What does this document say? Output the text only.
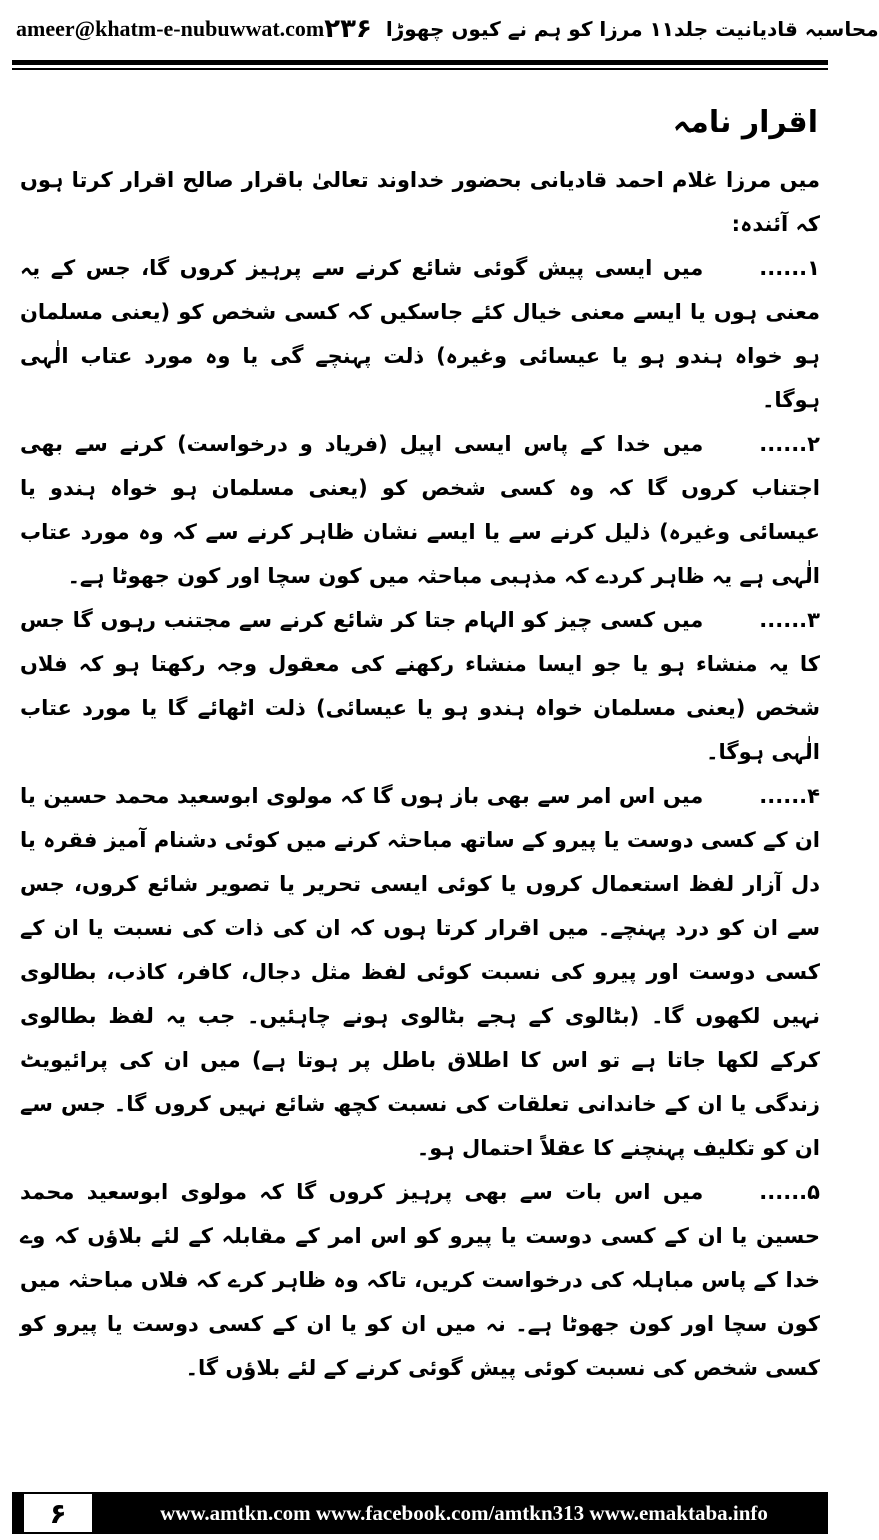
ameer@khatm-e-nubuwwat.com	محاسبہ قادیانیت جلد۱۱ مرزا کو ہم نے کیوں چھوڑا
۲۳۶
اقرار نامہ

میں مرزا غلام احمد قادیانی بحضور خداوند تعالیٰ باقرار صالح اقرار کرتا ہوں کہ آئندہ:

۱......میں ایسی پیش گوئی شائع کرنے سے پرہیز کروں گا، جس کے یہ معنی ہوں یا ایسے معنی خیال کئے جاسکیں کہ کسی شخص کو (یعنی مسلمان ہو خواہ ہندو ہو یا عیسائی وغیرہ) ذلت پہنچے گی یا وہ مورد عتاب الٰہی ہوگا۔

۲......میں خدا کے پاس ایسی اپیل (فریاد و درخواست) کرنے سے بھی اجتناب کروں گا کہ وہ کسی شخص کو (یعنی مسلمان ہو خواہ ہندو یا عیسائی وغیرہ) ذلیل کرنے سے یا ایسے نشان ظاہر کرنے سے کہ وہ مورد عتاب الٰہی ہے یہ ظاہر کردے کہ مذہبی مباحثہ میں کون سچا اور کون جھوٹا ہے۔

۳......میں کسی چیز کو الہام جتا کر شائع کرنے سے مجتنب رہوں گا جس کا یہ منشاء ہو یا جو ایسا منشاء رکھنے کی معقول وجہ رکھتا ہو کہ فلاں شخص (یعنی مسلمان خواہ ہندو ہو یا عیسائی) ذلت اٹھائے گا یا مورد عتاب الٰہی ہوگا۔

۴......میں اس امر سے بھی باز ہوں گا کہ مولوی ابوسعید محمد حسین یا ان کے کسی دوست یا پیرو کے ساتھ مباحثہ کرنے میں کوئی دشنام آمیز فقرہ یا دل آزار لفظ استعمال کروں یا کوئی ایسی تحریر یا تصویر شائع کروں، جس سے ان کو درد پہنچے۔ میں اقرار کرتا ہوں کہ ان کی ذات کی نسبت یا ان کے کسی دوست اور پیرو کی نسبت کوئی لفظ مثل دجال، کافر، کاذب، بطالوی نہیں لکھوں گا۔ (بٹالوی کے ہجے بٹالوی ہونے چاہئیں۔ جب یہ لفظ بطالوی کرکے لکھا جاتا ہے تو اس کا اطلاق باطل پر ہوتا ہے) میں ان کی پرائیویٹ زندگی یا ان کے خاندانی تعلقات کی نسبت کچھ شائع نہیں کروں گا۔ جس سے ان کو تکلیف پہنچنے کا عقلاً احتمال ہو۔

۵......میں اس بات سے بھی پرہیز کروں گا کہ مولوی ابوسعید محمد حسین یا ان کے کسی دوست یا پیرو کو اس امر کے مقابلہ کے لئے بلاؤں کہ وے خدا کے پاس مباہلہ کی درخواست کریں، تاکہ وہ ظاہر کرے کہ فلاں مباحثہ میں کون سچا اور کون جھوٹا ہے۔ نہ میں ان کو یا ان کے کسی دوست یا پیرو کو کسی شخص کی نسبت کوئی پیش گوئی کرنے کے لئے بلاؤں گا۔

۶	www.amtkn.com www.facebook.com/amtkn313 www.emaktaba.info
